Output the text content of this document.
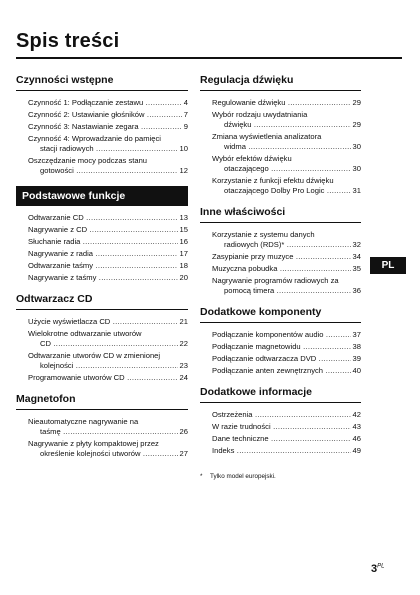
Spis treści
Czynności wstępne
Czynność 1: Podłączanie zestawu .....	4
Czynność 2: Ustawianie głośników .....	7
Czynność 3: Nastawianie zegara .....	9
Czynność 4: Wprowadzanie do pamięci
stacji radiowych .....	10
Oszczędzanie mocy podczas stanu
gotowości .....	12
Podstawowe funkcje
Odtwarzanie CD .....	13
Nagrywanie z CD .....	15
Słuchanie radia .....	16
Nagrywanie z radia .....	17
Odtwarzanie taśmy .....	18
Nagrywanie z taśmy .....	20
Odtwarzacz CD
Użycie wyświetlacza CD .....	21
Wielokrotne odtwarzanie utworów
CD .....	22
Odtwarzanie utworów CD w zmienionej
kolejności .....	23
Programowanie utworów CD .....	24
Magnetofon
Nieautomatyczne nagrywanie na
taśmę .....	26
Nagrywanie z płyty kompaktowej przez
określenie kolejności utworów .....	27
Regulacja dźwięku
Regulowanie dźwięku .....	29
Wybór rodzaju uwydatniania
dźwięku .....	29
Zmiana wyświetlenia analizatora
widma .....	30
Wybór efektów dźwięku
otaczającego .....	30
Korzystanie z funkcji efektu dźwięku
otaczającego Dolby Pro Logic .....	31
Inne właściwości
Korzystanie z systemu danych
radiowych (RDS)* .....	32
Zasypianie przy muzyce .....	34
Muzyczna pobudka .....	35
Nagrywanie programów radiowych za
pomocą timera .....	36
Dodatkowe komponenty
Podłączanie komponentów audio .....	37
Podłączanie magnetowidu .....	38
Podłączanie odtwarzacza DVD .....	39
Podłączanie anten zewnętrznych .....	40
Dodatkowe informacje
Ostrzeżenia .....	42
W razie trudności .....	43
Dane techniczne .....	46
Indeks .....	49
PL
* Tylko model europejski.
$3^{PL}$
